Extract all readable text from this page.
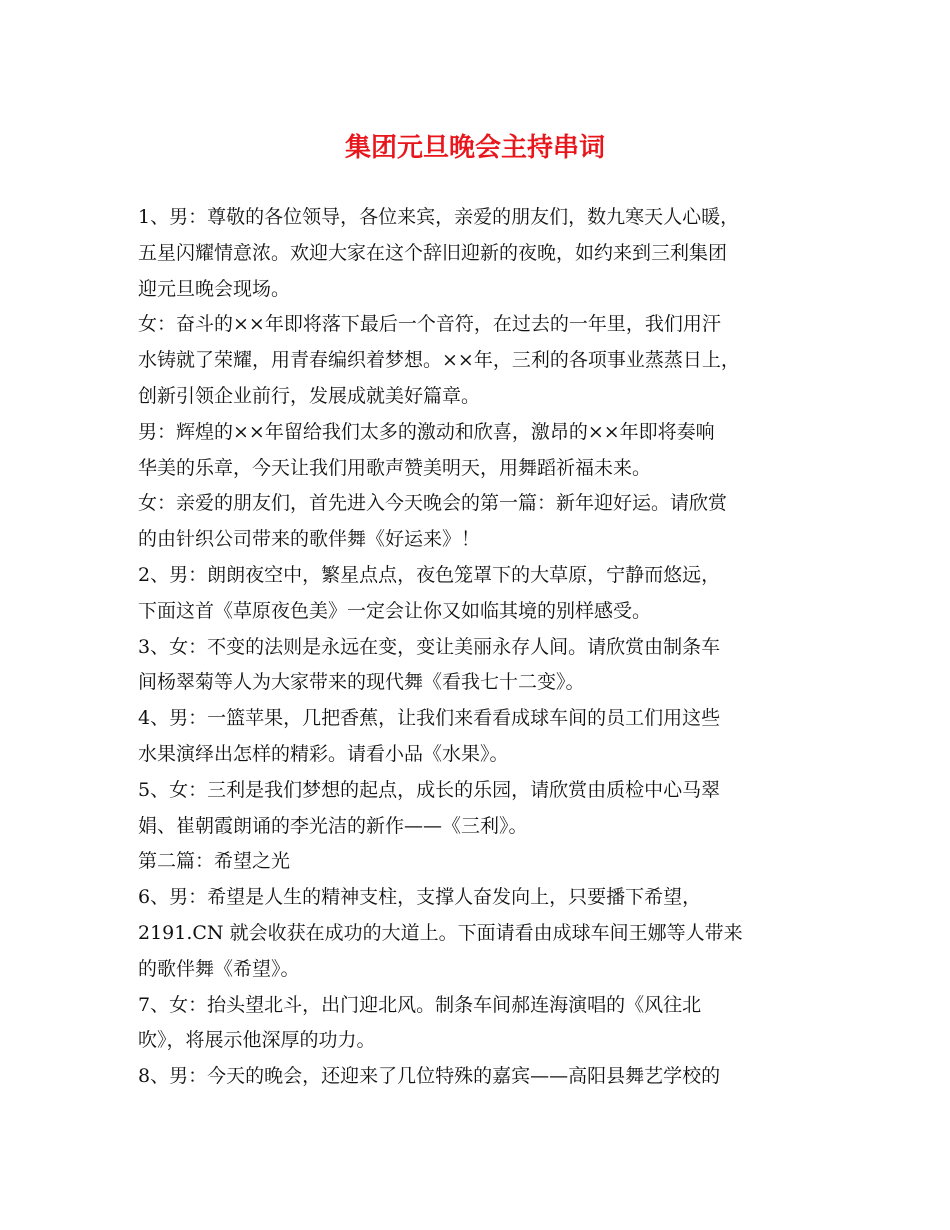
集团元旦晚会主持串词
1、男：尊敬的各位领导，各位来宾，亲爱的朋友们，数九寒天人心暖，
五星闪耀情意浓。欢迎大家在这个辞旧迎新的夜晚，如约来到三利集团
迎元旦晚会现场。
女：奋斗的××年即将落下最后一个音符，在过去的一年里，我们用汗
水铸就了荣耀，用青春编织着梦想。××年，三利的各项事业蒸蒸日上，
创新引领企业前行，发展成就美好篇章。
男：辉煌的××年留给我们太多的激动和欣喜，激昂的××年即将奏响
华美的乐章，今天让我们用歌声赞美明天，用舞蹈祈福未来。
女：亲爱的朋友们，首先进入今天晚会的第一篇：新年迎好运。请欣赏
的由针织公司带来的歌伴舞《好运来》！
2、男：朗朗夜空中，繁星点点，夜色笼罩下的大草原，宁静而悠远，
下面这首《草原夜色美》一定会让你又如临其境的别样感受。
3、女：不变的法则是永远在变，变让美丽永存人间。请欣赏由制条车
间杨翠菊等人为大家带来的现代舞《看我七十二变》。
4、男：一篮苹果，几把香蕉，让我们来看看成球车间的员工们用这些
水果演绎出怎样的精彩。请看小品《水果》。
5、女：三利是我们梦想的起点，成长的乐园，请欣赏由质检中心马翠
娟、崔朝霞朗诵的李光洁的新作——《三利》。
第二篇：希望之光
6、男：希望是人生的精神支柱，支撑人奋发向上，只要播下希望，
2191.CN 就会收获在成功的大道上。下面请看由成球车间王娜等人带来
的歌伴舞《希望》。
7、女：抬头望北斗，出门迎北风。制条车间郝连海演唱的《风往北
吹》，将展示他深厚的功力。
8、男：今天的晚会，还迎来了几位特殊的嘉宾——高阳县舞艺学校的
